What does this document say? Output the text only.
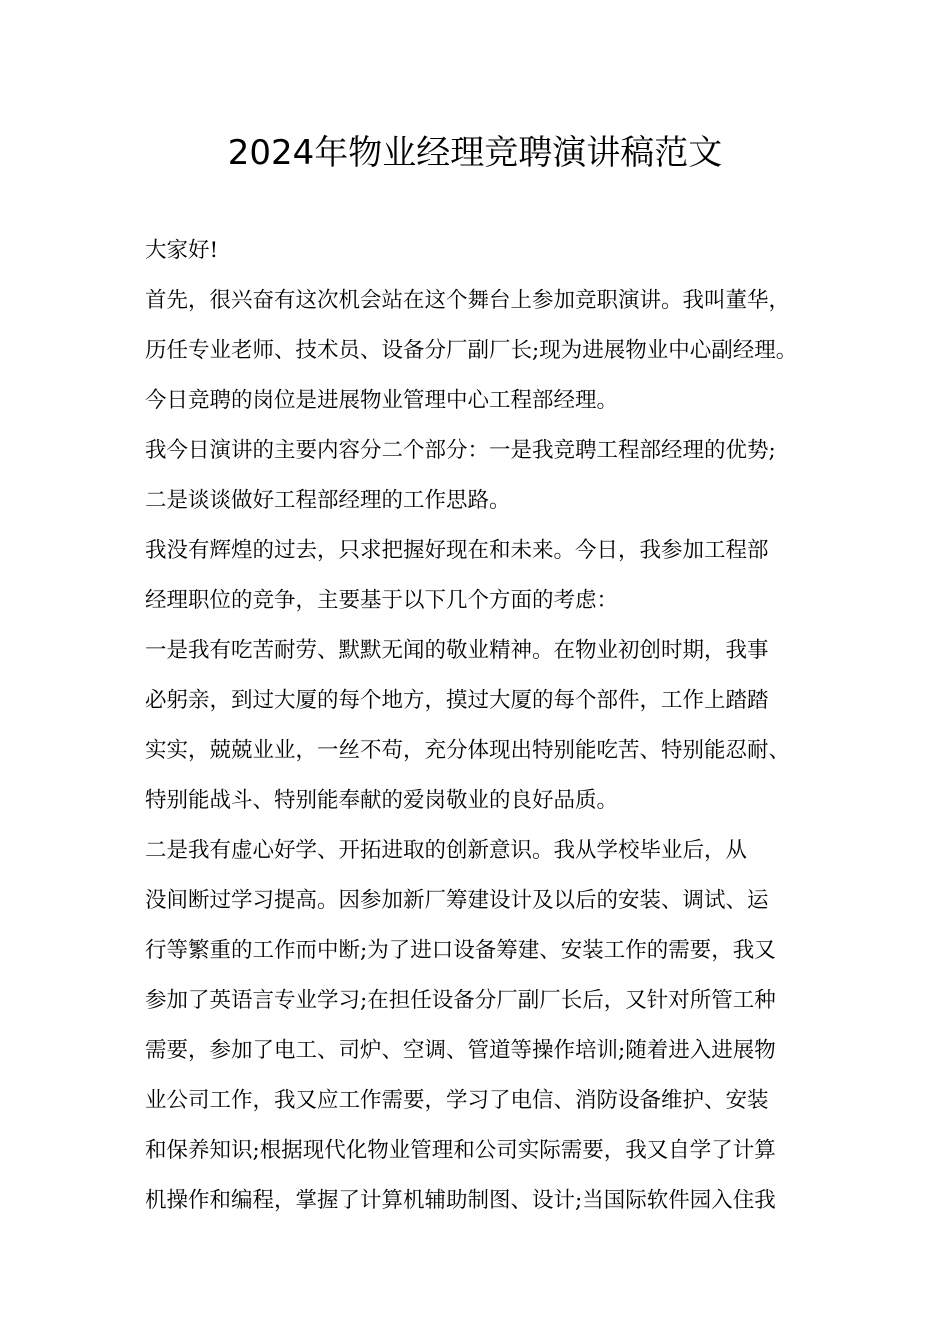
2024年物业经理竞聘演讲稿范文
大家好!
首先，很兴奋有这次机会站在这个舞台上参加竞职演讲。我叫董华，
历任专业老师、技术员、设备分厂副厂长;现为进展物业中心副经理。
今日竞聘的岗位是进展物业管理中心工程部经理。
我今日演讲的主要内容分二个部分：一是我竞聘工程部经理的优势;
二是谈谈做好工程部经理的工作思路。
我没有辉煌的过去，只求把握好现在和未来。今日，我参加工程部
经理职位的竞争，主要基于以下几个方面的考虑：
一是我有吃苦耐劳、默默无闻的敬业精神。在物业初创时期，我事
必躬亲，到过大厦的每个地方，摸过大厦的每个部件，工作上踏踏
实实，兢兢业业，一丝不苟，充分体现出特别能吃苦、特别能忍耐、
特别能战斗、特别能奉献的爱岗敬业的良好品质。
二是我有虚心好学、开拓进取的创新意识。我从学校毕业后，从
没间断过学习提高。因参加新厂筹建设计及以后的安装、调试、运
行等繁重的工作而中断;为了进口设备筹建、安装工作的需要，我又
参加了英语言专业学习;在担任设备分厂副厂长后，又针对所管工种
需要，参加了电工、司炉、空调、管道等操作培训;随着进入进展物
业公司工作，我又应工作需要，学习了电信、消防设备维护、安装
和保养知识;根据现代化物业管理和公司实际需要，我又自学了计算
机操作和编程，掌握了计算机辅助制图、设计;当国际软件园入住我
